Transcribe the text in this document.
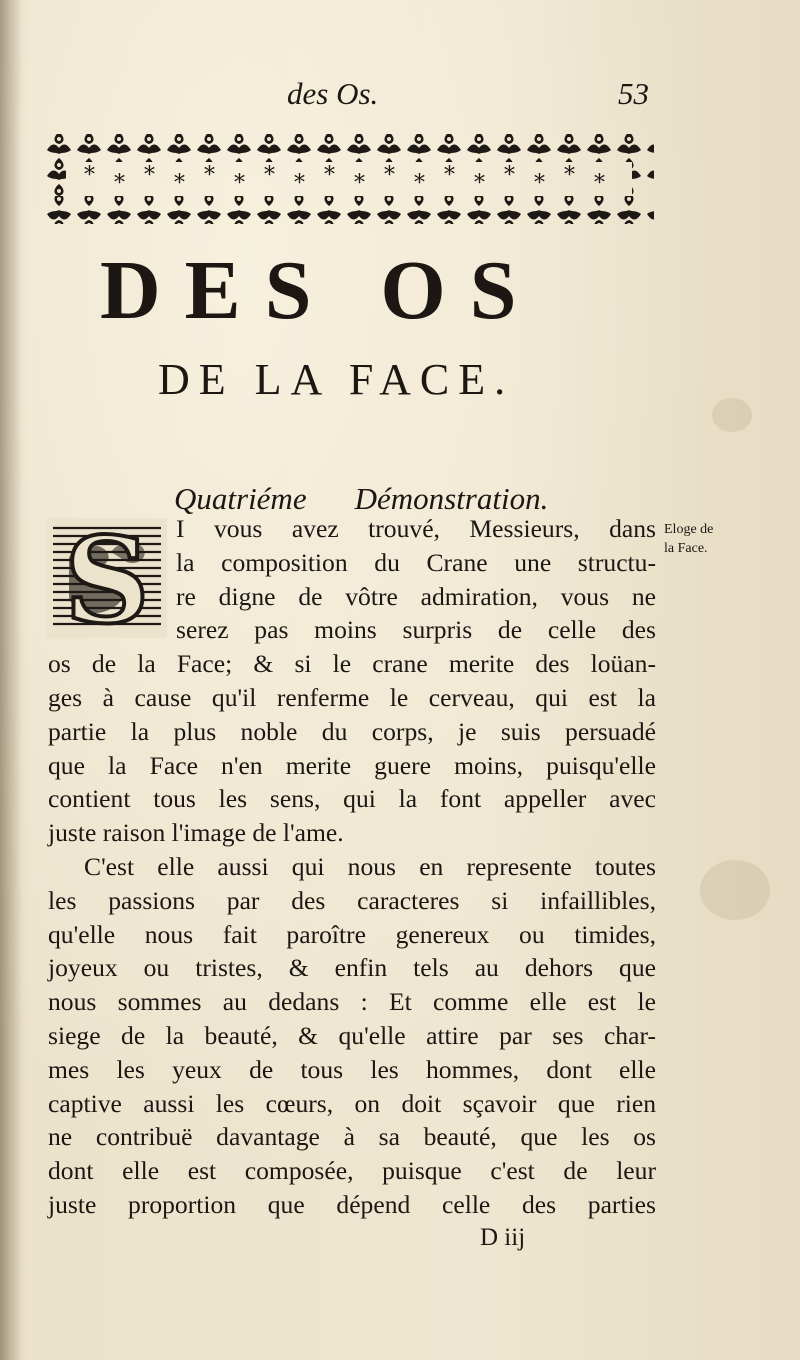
des Os.	53
* * * * * * * * * * * * * * * * * *
DES OS
DE LA FACE.

Quatriéme Démonstration.

S	Eloge de
la Face.
I vous avez trouvé, Messieurs, dans
la composition du Crane une structu-
re digne de vôtre admiration, vous ne
serez pas moins surpris de celle des
os de la Face; & si le crane merite des loüan-
ges à cause qu'il renferme le cerveau, qui est la
partie la plus noble du corps, je suis persuadé
que la Face n'en merite guere moins, puisqu'elle
contient tous les sens, qui la font appeller avec
juste raison l'image de l'ame.
C'est elle aussi qui nous en represente toutes
les passions par des caracteres si infaillibles,
qu'elle nous fait paroître genereux ou timides,
joyeux ou tristes, & enfin tels au dehors que
nous sommes au dedans : Et comme elle est le
siege de la beauté, & qu'elle attire par ses char-
mes les yeux de tous les hommes, dont elle
captive aussi les cœurs, on doit sçavoir que rien
ne contribuë davantage à sa beauté, que les os
dont elle est composée, puisque c'est de leur
juste proportion que dépend celle des parties
D iij
